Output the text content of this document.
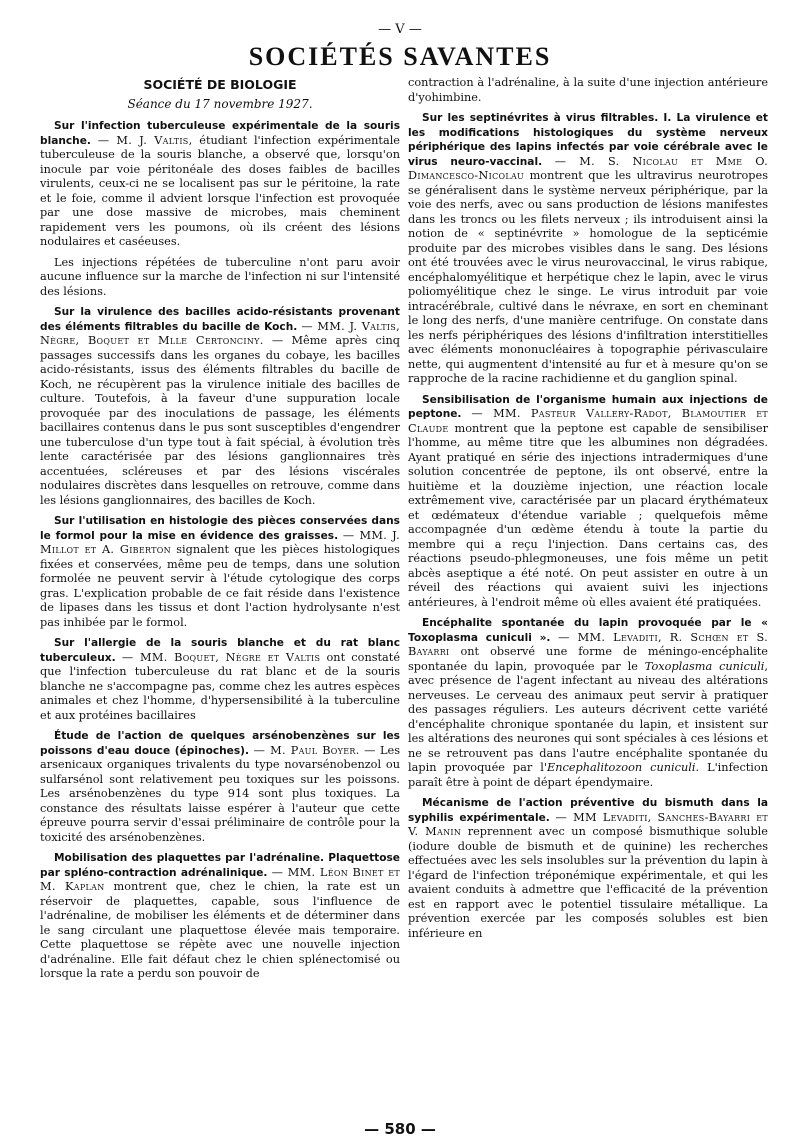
— V —
SOCIÉTÉS SAVANTES
SOCIÉTÉ DE BIOLOGIE
Séance du 17 novembre 1927.

Sur l'infection tuberculeuse expérimentale de la souris blanche. — M. J. Valtis, étudiant l'infection expérimentale tuberculeuse de la souris blanche, a observé que, lorsqu'on inocule par voie péritonéale des doses faibles de bacilles virulents, ceux-ci ne se localisent pas sur le péritoine, la rate et le foie, comme il advient lorsque l'infection est provoquée par une dose massive de microbes, mais cheminent rapidement vers les poumons, où ils créent des lésions nodulaires et caséeuses.

Les injections répétées de tuberculine n'ont paru avoir aucune influence sur la marche de l'infection ni sur l'intensité des lésions.

Sur la virulence des bacilles acido-résistants provenant des éléments filtrables du bacille de Koch. — MM. J. Valtis, Nègre, Boquet et Mlle Certonciny. — Même après cinq passages successifs dans les organes du cobaye, les bacilles acido-résistants, issus des éléments filtrables du bacille de Koch, ne récupèrent pas la virulence initiale des bacilles de culture. Toutefois, à la faveur d'une suppuration locale provoquée par des inoculations de passage, les éléments bacillaires contenus dans le pus sont susceptibles d'engendrer une tuberculose d'un type tout à fait spécial, à évolution très lente caractérisée par des lésions ganglionnaires très accentuées, scléreuses et par des lésions viscérales nodulaires discrètes dans lesquelles on retrouve, comme dans les lésions ganglionnaires, des bacilles de Koch.

Sur l'utilisation en histologie des pièces conservées dans le formol pour la mise en évidence des graisses. — MM. J. Millot et A. Giberton signalent que les pièces histologiques fixées et conservées, même peu de temps, dans une solution formolée ne peuvent servir à l'étude cytologique des corps gras. L'explication probable de ce fait réside dans l'existence de lipases dans les tissus et dont l'action hydrolysante n'est pas inhibée par le formol.

Sur l'allergie de la souris blanche et du rat blanc tuberculeux. — MM. Boquet, Nègre et Valtis ont constaté que l'infection tuberculeuse du rat blanc et de la souris blanche ne s'accompagne pas, comme chez les autres espèces animales et chez l'homme, d'hypersensibilité à la tuberculine et aux protéines bacillaires

Étude de l'action de quelques arsénobenzènes sur les poissons d'eau douce (épinoches). — M. Paul Boyer. — Les arsenicaux organiques trivalents du type novarsénobenzol ou sulfarsénol sont relativement peu toxiques sur les poissons. Les arsénobenzènes du type 914 sont plus toxiques. La constance des résultats laisse espérer à l'auteur que cette épreuve pourra servir d'essai préliminaire de contrôle pour la toxicité des arsénobenzènes.

Mobilisation des plaquettes par l'adrénaline. Plaquettose par spléno-contraction adrénalinique. — MM. Léon Binet et M. Kaplan montrent que, chez le chien, la rate est un réservoir de plaquettes, capable, sous l'influence de l'adrénaline, de mobiliser les éléments et de déterminer dans le sang circulant une plaquettose élevée mais temporaire. Cette plaquettose se répète avec une nouvelle injection d'adrénaline. Elle fait défaut chez le chien splénectomisé ou lorsque la rate a perdu son pouvoir de

contraction à l'adrénaline, à la suite d'une injection antérieure d'yohimbine.

Sur les septinévrites à virus filtrables. I. La virulence et les modifications histologiques du système nerveux périphérique des lapins infectés par voie cérébrale avec le virus neuro-vaccinal. — M. S. Nicolau et Mme O. Dimancesco-Nicolau montrent que les ultravirus neurotropes se généralisent dans le système nerveux périphérique, par la voie des nerfs, avec ou sans production de lésions manifestes dans les troncs ou les filets nerveux ; ils introduisent ainsi la notion de « septinévrite » homologue de la septicémie produite par des microbes visibles dans le sang. Des lésions ont été trouvées avec le virus neurovaccinal, le virus rabique, encéphalomyélitique et herpétique chez le lapin, avec le virus poliomyélitique chez le singe. Le virus introduit par voie intracérébrale, cultivé dans le névraxe, en sort en cheminant le long des nerfs, d'une manière centrifuge. On constate dans les nerfs périphériques des lésions d'infiltration interstitielles avec éléments mononucléaires à topographie périvasculaire nette, qui augmentent d'intensité au fur et à mesure qu'on se rapproche de la racine rachidienne et du ganglion spinal.

Sensibilisation de l'organisme humain aux injections de peptone. — MM. Pasteur Vallery-Radot, Blamoutier et Claude montrent que la peptone est capable de sensibiliser l'homme, au même titre que les albumines non dégradées. Ayant pratiqué en série des injections intradermiques d'une solution concentrée de peptone, ils ont observé, entre la huitième et la douzième injection, une réaction locale extrêmement vive, caractérisée par un placard érythémateux et œdémateux d'étendue variable ; quelquefois même accompagnée d'un œdème étendu à toute la partie du membre qui a reçu l'injection. Dans certains cas, des réactions pseudo-phlegmoneuses, une fois même un petit abcès aseptique a été noté. On peut assister en outre à un réveil des réactions qui avaient suivi les injections antérieures, à l'endroit même où elles avaient été pratiquées.

Encéphalite spontanée du lapin provoquée par le « Toxoplasma cuniculi ». — MM. Levaditi, R. Schœn et S. Bayarri ont observé une forme de méningo-encéphalite spontanée du lapin, provoquée par le Toxoplasma cuniculi, avec présence de l'agent infectant au niveau des altérations nerveuses. Le cerveau des animaux peut servir à pratiquer des passages réguliers. Les auteurs décrivent cette variété d'encéphalite chronique spontanée du lapin, et insistent sur les altérations des neurones qui sont spéciales à ces lésions et ne se retrouvent pas dans l'autre encéphalite spontanée du lapin provoquée par l'Encephalitozoon cuniculi. L'infection paraît être à point de départ épendymaire.

Mécanisme de l'action préventive du bismuth dans la syphilis expérimentale. — MM Levaditi, Sanches-Bayarri et V. Manin reprennent avec un composé bismuthique soluble (iodure double de bismuth et de quinine) les recherches effectuées avec les sels insolubles sur la prévention du lapin à l'égard de l'infection tréponémique expérimentale, et qui les avaient conduits à admettre que l'efficacité de la prévention est en rapport avec le potentiel tissulaire métallique. La prévention exercée par les composés solubles est bien inférieure en

— 580 —
